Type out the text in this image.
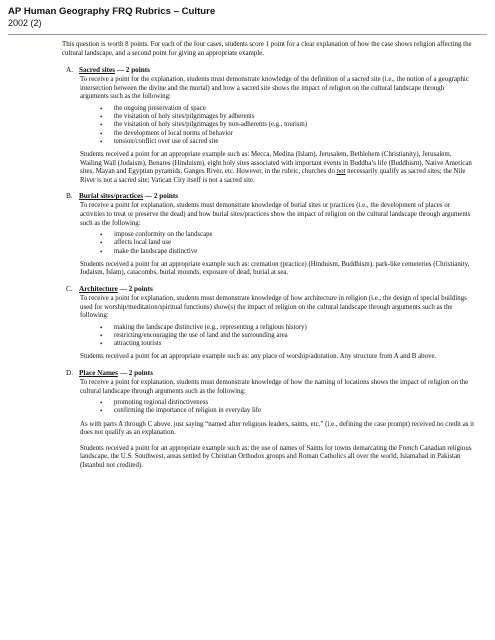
AP Human Geography FRQ Rubrics – Culture
2002 (2)

This question is worth 8 points. For each of the four cases, students score 1 point for a clear explanation of how the case shows religion affecting the cultural landscape, and a second point for giving an appropriate example.

A. Sacred sites — 2 points

To receive a point for the explanation, students must demonstrate knowledge of the definition of a sacred site (i.e., the notion of a geographic intersection between the divine and the mortal) and how a sacred site shows the impact of religion on the cultural landscape through arguments such as the following:

• the ongoing preservation of space
• the visitation of holy sites/pilgrimages by adherents
• the visitation of holy sites/pilgrimages by non-adherents (e.g., tourism)
• the development of local norms of behavior
• tension/conflict over use of sacred site

Students received a point for an appropriate example such as: Mecca, Medina (Islam), Jerusalem, Bethlehem (Christianity), Jerusalem, Wailing Wall (Judaism), Benares (Hinduism), eight holy sites associated with important events in Buddha’s life (Buddhism), Native American sites, Mayan and Egyptian pyramids, Ganges River, etc. However, in the rubric, churches do not necessarily qualify as sacred sites; the Nile River is not a sacred site; Vatican City itself is not a sacred site.

B. Burial sites/practices — 2 points

To receive a point for explanation, students must demonstrate knowledge of burial sites or practices (i.e., the development of places or activities to treat or preserve the dead) and how burial sites/practices show the impact of religion on the cultural landscape through arguments such as the following:

• impose conformity on the landscape
• affects local land use
• make the landscape distinctive

Students received a point for an appropriate example such as: cremation (practice) (Hinduism, Buddhism), park-like cemeteries (Christianity, Judaism, Islam), catacombs, burial mounds, exposure of dead, burial at sea.

C. Architecture — 2 points

To receive a point for explanation, students must demonstrate knowledge of how architecture in religion (i.e., the design of special buildings used for worship/meditation/spiritual functions) show(s) the impact of religion on the cultural landscape through arguments such as the following:

• making the landscape distinctive (e.g., representing a religious history)
• restricting/encouraging the use of land and the surrounding area
• attracting tourists

Students received a point for an appropriate example such as: any place of worship/adoration. Any structure from A and B above.

D. Place Names — 2 points

To receive a point for explanation, students must demonstrate knowledge of how the naming of locations shows the impact of religion on the cultural landscape through arguments such as the following:

• promoting regional distinctiveness
• confirming the importance of religion in everyday life

As with parts A through C above, just saying “named after religious leaders, saints, etc.” (i.e., defining the case prompt) received no credit as it does not qualify as an explanation.

Students received a point for an appropriate example such as: the use of names of Saints for towns demarcating the French Canadian religious landscape, the U.S. Southwest, areas settled by Christian Orthodox groups and Roman Catholics all over the world, Islamabad in Pakistan (Istanbul not credited).
